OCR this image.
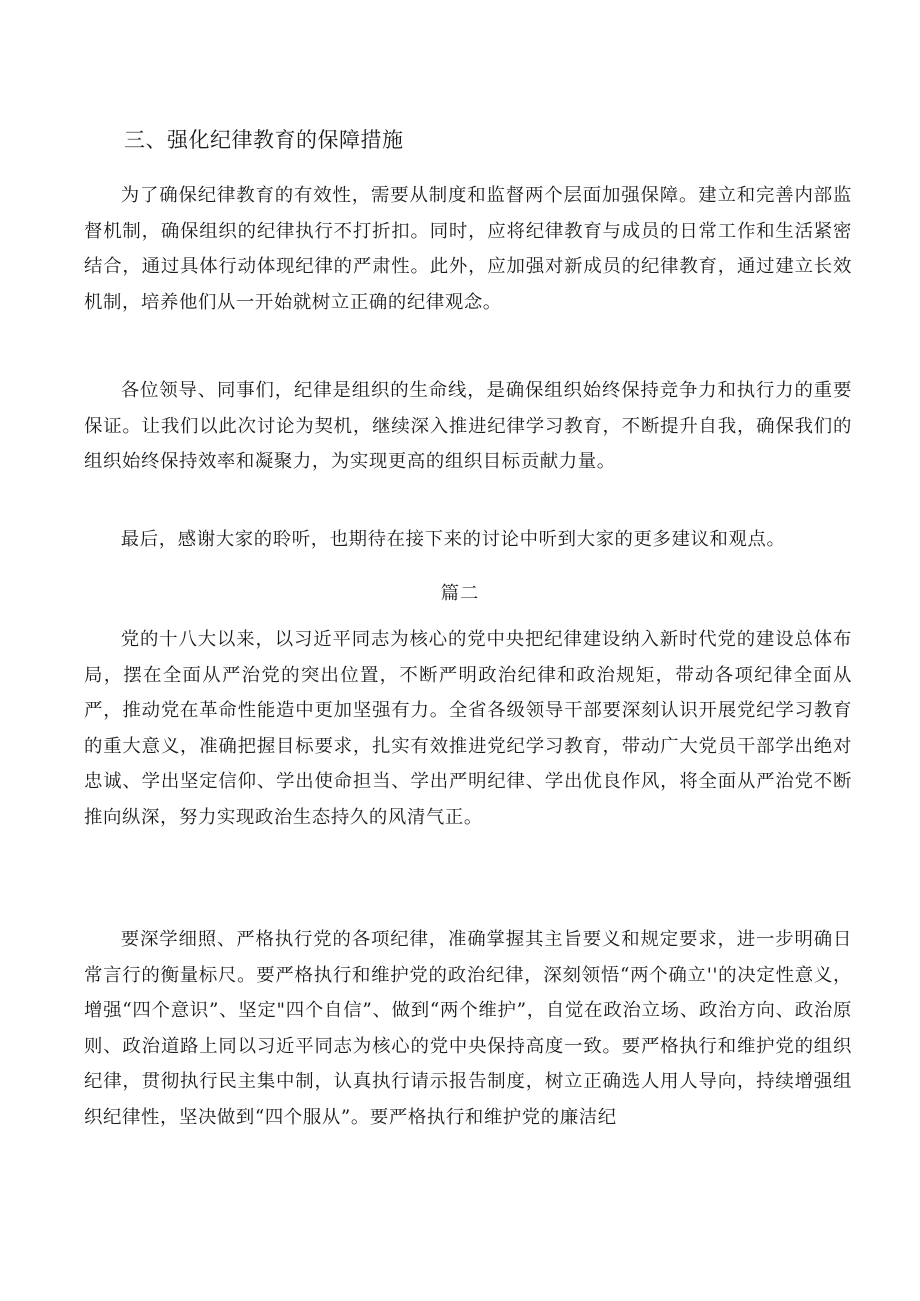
三、强化纪律教育的保障措施

为了确保纪律教育的有效性，需要从制度和监督两个层面加强保障。建立和完善内部监督机制，确保组织的纪律执行不打折扣。同时，应将纪律教育与成员的日常工作和生活紧密结合，通过具体行动体现纪律的严肃性。此外，应加强对新成员的纪律教育，通过建立长效机制，培养他们从一开始就树立正确的纪律观念。

各位领导、同事们，纪律是组织的生命线，是确保组织始终保持竞争力和执行力的重要保证。让我们以此次讨论为契机，继续深入推进纪律学习教育，不断提升自我，确保我们的组织始终保持效率和凝聚力，为实现更高的组织目标贡献力量。

最后，感谢大家的聆听，也期待在接下来的讨论中听到大家的更多建议和观点。

篇二

党的十八大以来，以习近平同志为核心的党中央把纪律建设纳入新时代党的建设总体布局，摆在全面从严治党的突出位置，不断严明政治纪律和政治规矩，带动各项纪律全面从严，推动党在革命性能造中更加坚强有力。全省各级领导干部要深刻认识开展党纪学习教育的重大意义，准确把握目标要求，扎实有效推进党纪学习教育，带动广大党员干部学出绝对忠诚、学出坚定信仰、学出使命担当、学出严明纪律、学出优良作风，将全面从严治党不断推向纵深，努力实现政治生态持久的风清气正。

要深学细照、严格执行党的各项纪律，准确掌握其主旨要义和规定要求，进一步明确日常言行的衡量标尺。要严格执行和维护党的政治纪律，深刻领悟“两个确立''的决定性意义，增强“四个意识”、坚定"四个自信”、做到“两个维护”，自觉在政治立场、政治方向、政治原则、政治道路上同以习近平同志为核心的党中央保持高度一致。要严格执行和维护党的组织纪律，贯彻执行民主集中制，认真执行请示报告制度，树立正确选人用人导向，持续增强组织纪律性，坚决做到“四个服从”。要严格执行和维护党的廉洁纪
